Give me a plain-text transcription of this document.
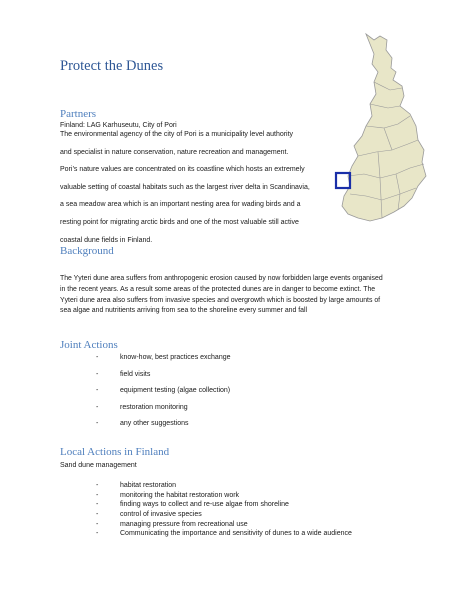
Protect the Dunes
Partners

Finland: LAG Karhuseutu, City of Pori

The environmental agency of the city of Pori is a municipality level authority
and specialist in nature conservation, nature recreation and management.
Pori’s nature values are concentrated on its coastline which hosts an extremely
valuable setting of coastal habitats such as the largest river delta in Scandinavia,
a sea meadow area which is an important nesting area for wading birds and a
resting point for migrating arctic birds and one of the most valuable still active
coastal dune fields in Finland.

Background

The Yyteri dune area suffers from anthropogenic erosion caused by now forbidden large events organised
in the recent years. As a result some areas of the protected dunes are in danger to become extinct. The
Yyteri dune area also suffers from invasive species and overgrowth which is boosted by large amounts of
sea algae and nutritients arriving from sea to the shoreline every summer and fall

Joint Actions
-	know-how, best practices exchange
-	field visits
-	equipment testing (algae collection)
-	restoration monitoring
-	any other suggestions
Local Actions in Finland

Sand dune management

-	habitat restoration
-	monitoring the habitat restoration work
-	finding ways to collect and re-use algae from shoreline
-	control of invasive species
-	managing pressure from recreational use
-	Communicating the importance and sensitivity of dunes to a wide audience
